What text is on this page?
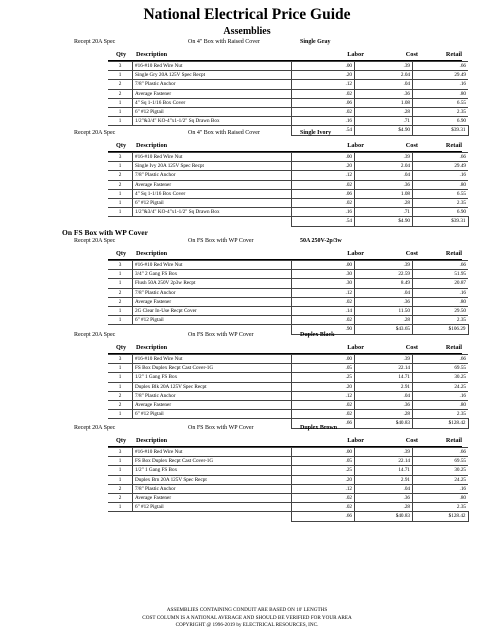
National Electrical Price Guide
Assemblies
On FS Box with WP Cover
Recept 20A Spec	On 4" Box with Raised Cover	Single Gray
Qty Description	Labor	Cost	Retail
3	#16-#10 Red Wire Nut	.00	.39	.66
1	Single Gry 20A 125V Spec Recpt	.20	2.04	29.49
2	7/8" Plastic Anchor	.12	.04	.16
2	Average Fastener	.02	.36	.80
1	4" Sq 1-1/16 Box Cover	.06	1.08	6.55
1	6" #12 Pigtail	.02	.28	2.35
1	1/2"&3/4" KO-4"x1-1/2" Sq Drawn Box	.16	.71	6.90
		.54	$4.90	$39.31
Recept 20A Spec	On 4" Box with Raised Cover	Single Ivory
Qty Description	Labor	Cost	Retail
3	#16-#10 Red Wire Nut	.00	.39	.66
1	Single Ivy 20A 125V Spec Recpt	.20	2.04	29.49
2	7/8" Plastic Anchor	.12	.04	.16
2	Average Fastener	.02	.36	.80
1	4" Sq 1-1/16 Box Cover	.06	1.08	6.55
1	6" #12 Pigtail	.02	.28	2.35
1	1/2"&3/4" KO-4"x1-1/2" Sq Drawn Box	.16	.71	6.90
		.54	$4.90	$39.31
Recept 20A Spec	On FS Box with WP Cover	50A 250V-2p/3w
Qty Description	Labor	Cost	Retail
3	#16-#10 Red Wire Nut	.00	.39	.66
1	3/4" 2 Gang FS Box	.30	22.59	51.95
1	Flush 50A 250V 2p3w Recpt	.30	8.49	20.87
2	7/8" Plastic Anchor	.12	.04	.16
2	Average Fastener	.02	.36	.80
1	2G Clear In-Use Recpt Cover	.14	11.50	29.50
1	6" #12 Pigtail	.02	.28	2.35
		.90	$43.65	$106.29
Recept 20A Spec	On FS Box with WP Cover	Duplex Black
Qty Description	Labor	Cost	Retail
3	#16-#10 Red Wire Nut	.00	.39	.66
1	FS Box Duplex Recpt Cast Cover-1G	.05	22.14	69.55
1	1/2" 1 Gang FS Box	.25	14.71	30.25
1	Duplex Blk 20A 125V Spec Recpt	.20	2.91	24.25
2	7/8" Plastic Anchor	.12	.04	.16
2	Average Fastener	.02	.36	.80
1	6" #12 Pigtail	.02	.28	2.35
		.66	$40.83	$128.42
Recept 20A Spec	On FS Box with WP Cover	Duplex Brown
Qty Description	Labor	Cost	Retail
3	#16-#10 Red Wire Nut	.00	.39	.66
1	FS Box Duplex Recpt Cast Cover-1G	.05	22.14	69.55
1	1/2" 1 Gang FS Box	.25	14.71	30.25
1	Duplex Brn 20A 125V Spec Recpt	.20	2.91	24.25
2	7/8" Plastic Anchor	.12	.04	.16
2	Average Fastener	.02	.36	.80
1	6" #12 Pigtail	.02	.28	2.35
		.66	$40.83	$128.42
ASSEMBLIES CONTAINING CONDUIT ARE BASED ON 10' LENGTHS
COST COLUMN IS A NATIONAL AVERAGE AND SHOULD BE VERIFIED FOR YOUR AREA
COPYRIGHT @ 1996-2019 by ELECTRICAL RESOURCES, INC.
